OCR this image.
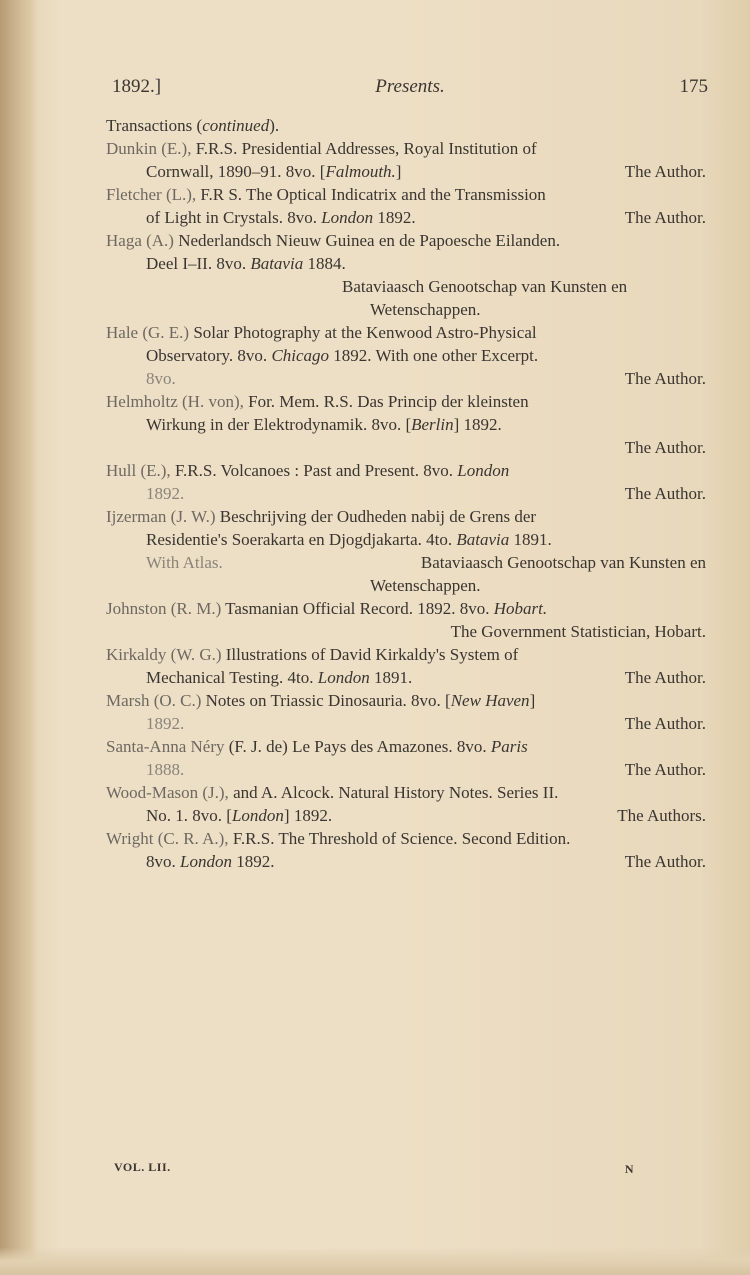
1892.]	Presents.	175
Transactions (continued).
Dunkin (E.), F.R.S. Presidential Addresses, Royal Institution of
Cornwall, 1890–91. 8vo. [Falmouth.]	The Author.
Fletcher (L.), F.R S. The Optical Indicatrix and the Transmission
of Light in Crystals. 8vo. London 1892.	The Author.
Haga (A.) Nederlandsch Nieuw Guinea en de Papoesche Eilanden.
Deel I–II. 8vo. Batavia 1884.
Bataviaasch Genootschap van Kunsten en
Wetenschappen.
Hale (G. E.) Solar Photography at the Kenwood Astro-Physical
Observatory. 8vo. Chicago 1892. With one other Excerpt.
8vo.	The Author.
Helmholtz (H. von), For. Mem. R.S. Das Princip der kleinsten
Wirkung in der Elektrodynamik. 8vo. [Berlin] 1892.
The Author.
Hull (E.), F.R.S. Volcanoes : Past and Present. 8vo. London
1892.	The Author.
Ijzerman (J. W.) Beschrijving der Oudheden nabij de Grens der
Residentie's Soerakarta en Djogdjakarta. 4to. Batavia 1891.
With Atlas.	Bataviaasch Genootschap van Kunsten en
Wetenschappen.
Johnston (R. M.) Tasmanian Official Record. 1892. 8vo. Hobart.
The Government Statistician, Hobart.
Kirkaldy (W. G.) Illustrations of David Kirkaldy's System of
Mechanical Testing. 4to. London 1891.	The Author.
Marsh (O. C.) Notes on Triassic Dinosauria. 8vo. [New Haven]
1892.	The Author.
Santa-Anna Néry (F. J. de) Le Pays des Amazones. 8vo. Paris
1888.	The Author.
Wood-Mason (J.), and A. Alcock. Natural History Notes. Series II.
No. 1. 8vo. [London] 1892.	The Authors.
Wright (C. R. A.), F.R.S. The Threshold of Science. Second Edition.
8vo. London 1892.	The Author.
VOL. LII.	N
